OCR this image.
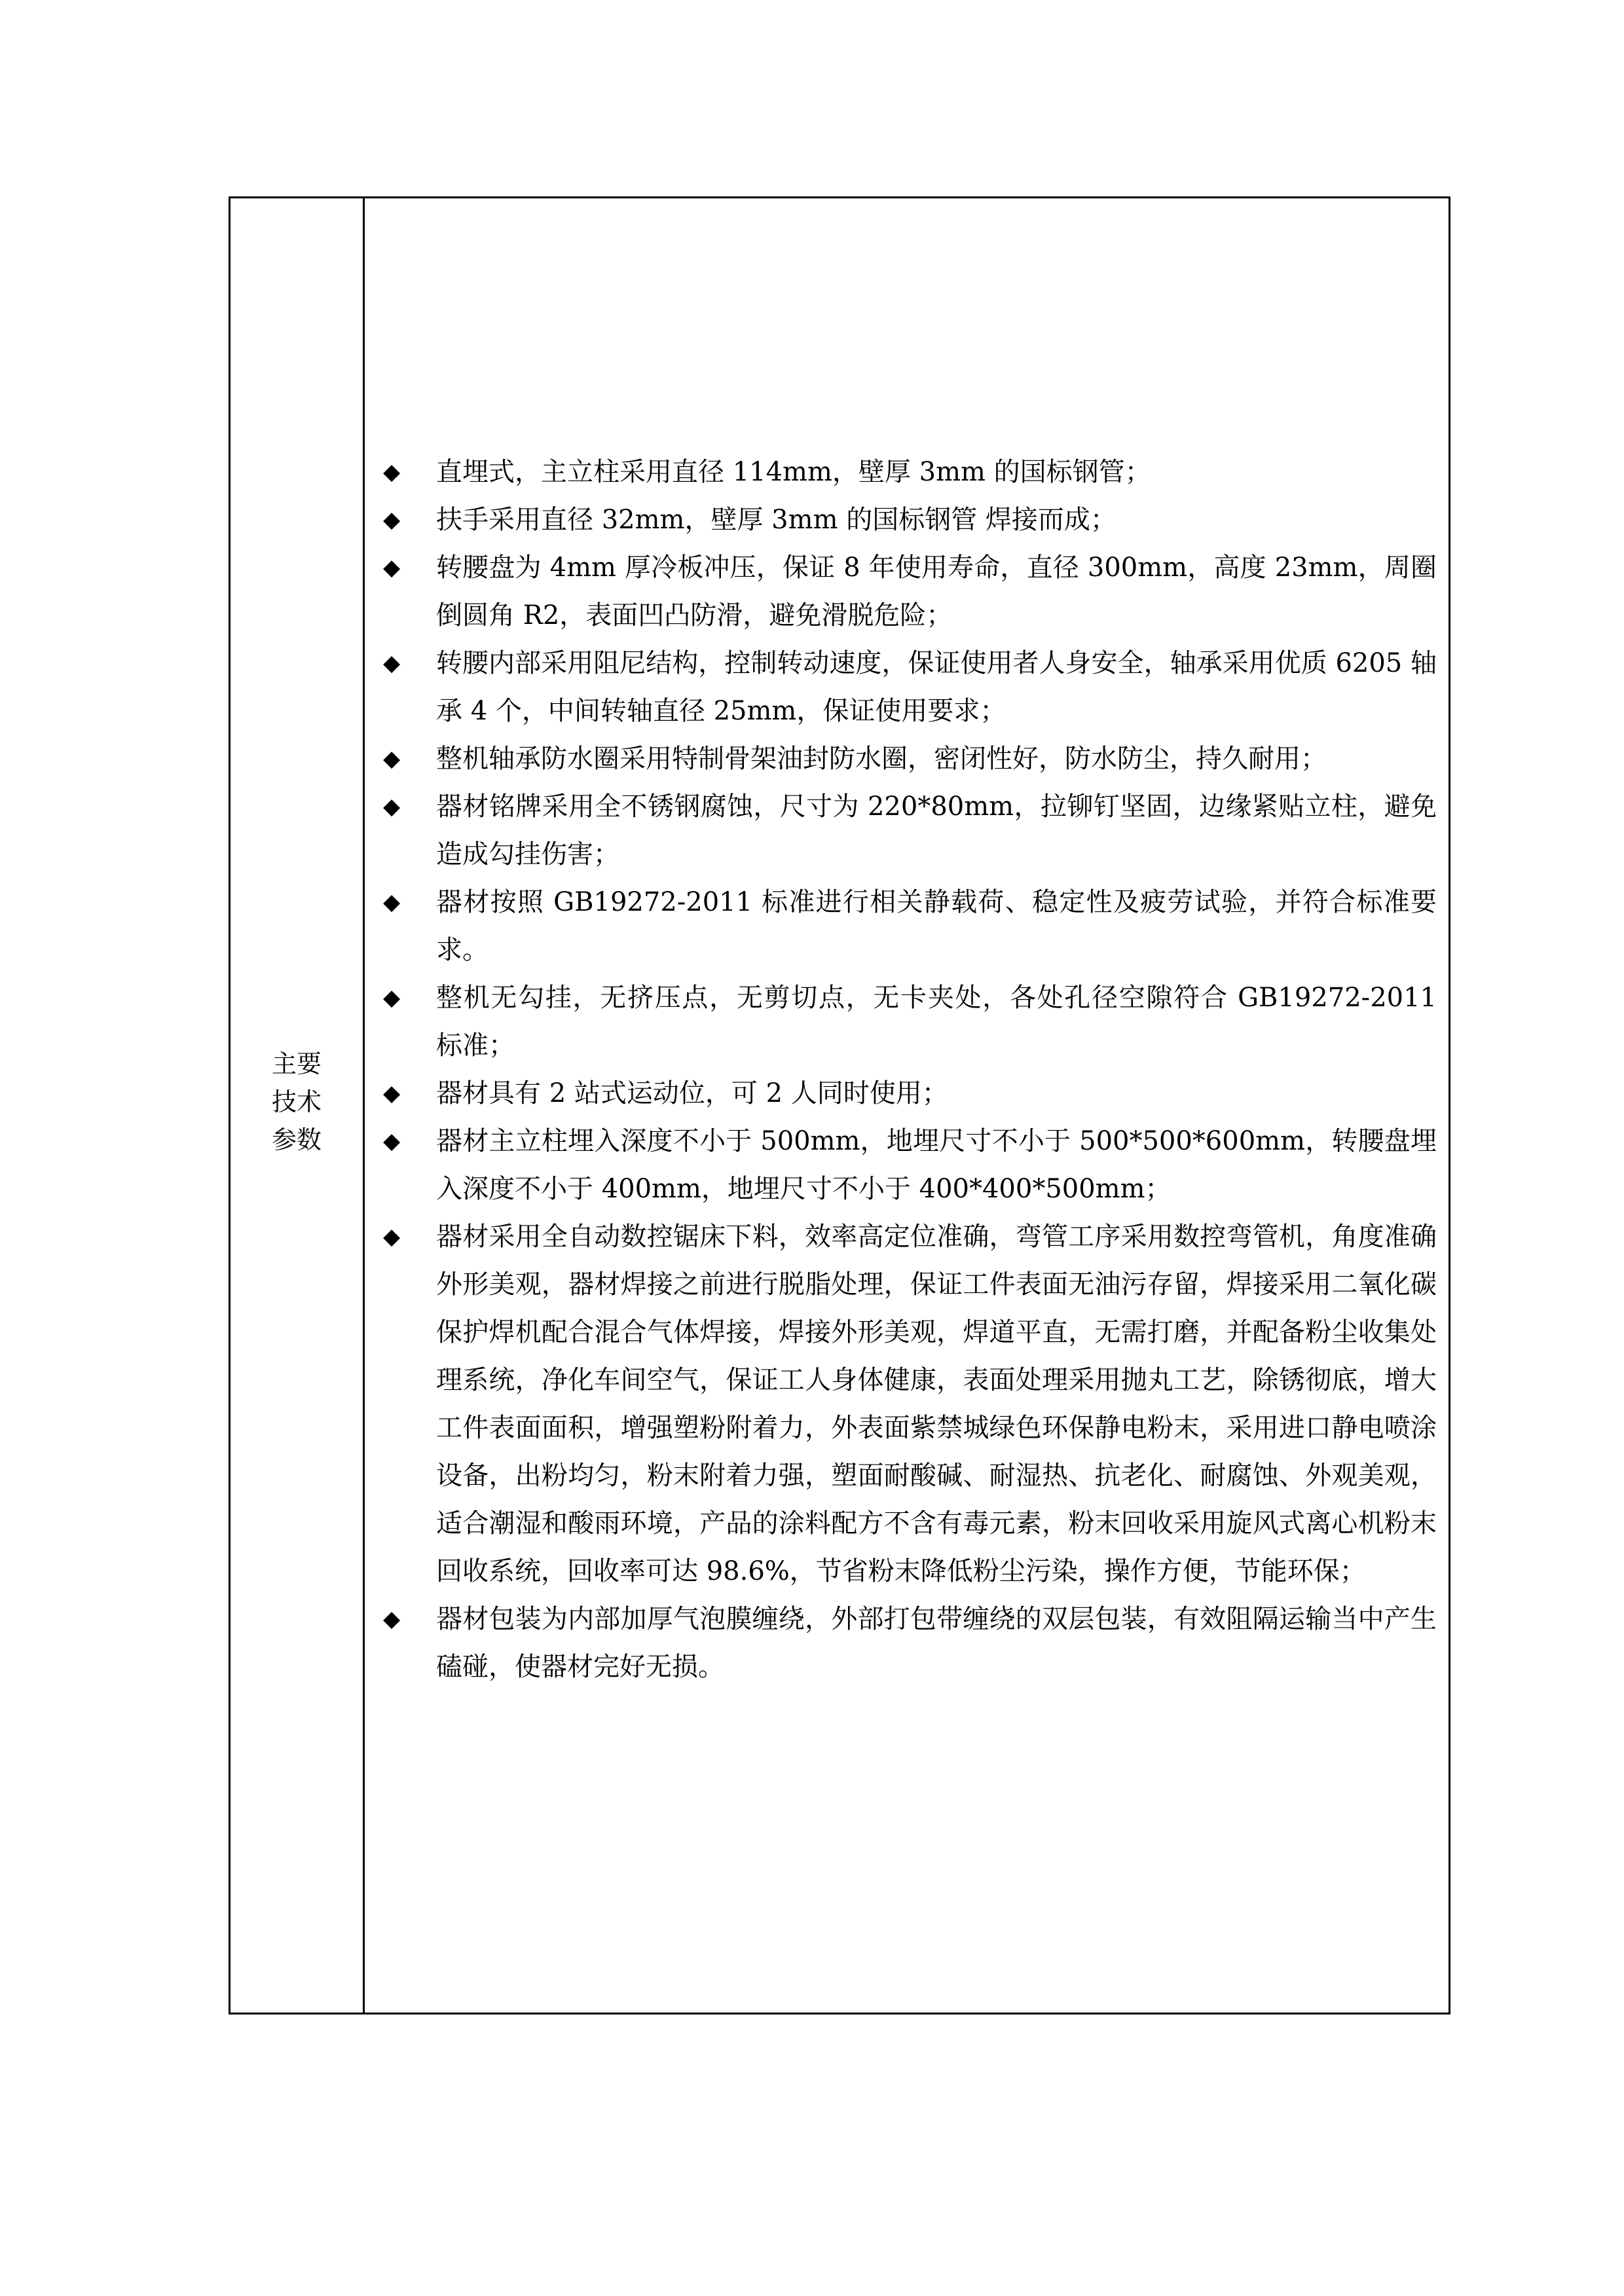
主要
技术
参数
◆ 直埋式，主立柱采用直径 114mm，壁厚 3mm 的国标钢管；
◆ 扶手采用直径 32mm，壁厚 3mm 的国标钢管 焊接而成；
◆ 转腰盘为 4mm 厚冷板冲压，保证 8 年使用寿命，直径 300mm，高度 23mm，周圈倒圆角 R2，表面凹凸防滑，避免滑脱危险；
◆ 转腰内部采用阻尼结构，控制转动速度，保证使用者人身安全，轴承采用优质 6205 轴承 4 个，中间转轴直径 25mm，保证使用要求；
◆ 整机轴承防水圈采用特制骨架油封防水圈，密闭性好，防水防尘，持久耐用；
◆ 器材铭牌采用全不锈钢腐蚀，尺寸为 220*80mm，拉铆钉坚固，边缘紧贴立柱，避免造成勾挂伤害；
◆ 器材按照 GB19272-2011 标准进行相关静载荷、稳定性及疲劳试验，并符合标准要求。
◆ 整机无勾挂，无挤压点，无剪切点，无卡夹处，各处孔径空隙符合 GB19272-2011 标准；
◆ 器材具有 2 站式运动位，可 2 人同时使用；
◆ 器材主立柱埋入深度不小于 500mm，地埋尺寸不小于 500*500*600mm，转腰盘埋入深度不小于 400mm，地埋尺寸不小于 400*400*500mm；
◆ 器材采用全自动数控锯床下料，效率高定位准确，弯管工序采用数控弯管机，角度准确外形美观，器材焊接之前进行脱脂处理，保证工件表面无油污存留，焊接采用二氧化碳保护焊机配合混合气体焊接，焊接外形美观，焊道平直，无需打磨，并配备粉尘收集处理系统，净化车间空气，保证工人身体健康，表面处理采用抛丸工艺，除锈彻底，增大工件表面面积，增强塑粉附着力，外表面紫禁城绿色环保静电粉末，采用进口静电喷涂设备，出粉均匀，粉末附着力强，塑面耐酸碱、耐湿热、抗老化、耐腐蚀、外观美观，适合潮湿和酸雨环境，产品的涂料配方不含有毒元素，粉末回收采用旋风式离心机粉末回收系统，回收率可达 98.6%，节省粉末降低粉尘污染，操作方便，节能环保；
◆ 器材包装为内部加厚气泡膜缠绕，外部打包带缠绕的双层包装，有效阻隔运输当中产生磕碰，使器材完好无损。
